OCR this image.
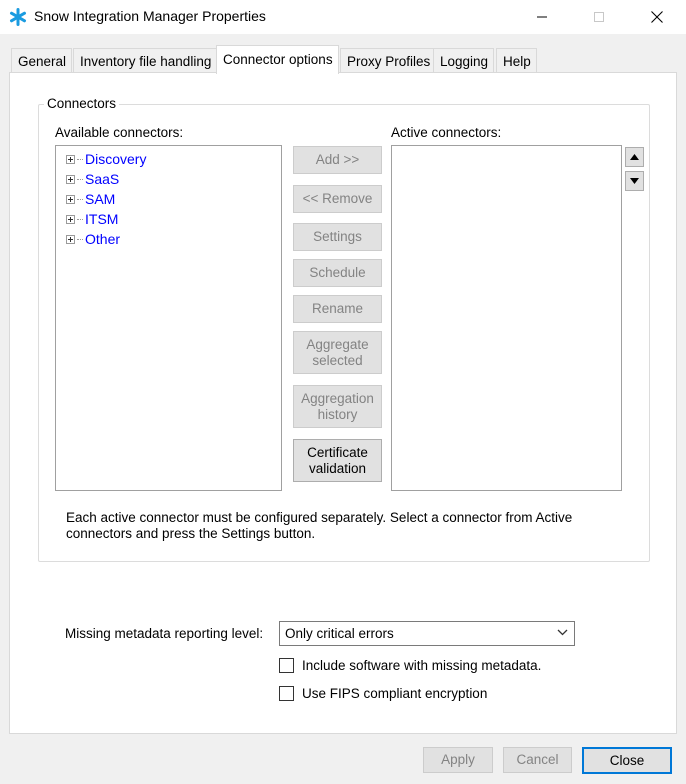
Snow Integration Manager Properties
General	Inventory file handling Connector options	Proxy Profiles Logging	Help
Connectors
Available connectors:	Active connectors:
Discovery
SaaS
SAM
ITSM
Other
Add >>
<< Remove
Settings
Schedule
Rename
Aggregate
selected
Aggregation
history
Certificate
validation
Each active connector must be configured separately. Select a connector from Active connectors and press the Settings button.
Missing metadata reporting level:	Only critical errors
Include software with missing metadata.
Use FIPS compliant encryption
Apply	Cancel	Close
